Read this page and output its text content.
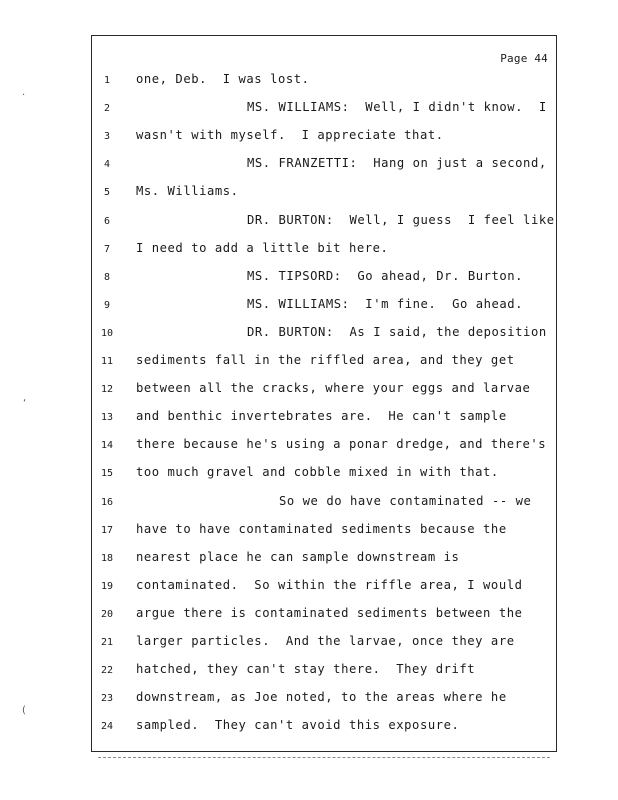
Page 44
1	one, Deb.  I was lost.
2	MS. WILLIAMS:  Well, I didn't know.  I
3	wasn't with myself.  I appreciate that.
4	MS. FRANZETTI:  Hang on just a second,
5	Ms. Williams.
6	DR. BURTON:  Well, I guess  I feel like
7	I need to add a little bit here.
8	MS. TIPSORD:  Go ahead, Dr. Burton.
9	MS. WILLIAMS:  I'm fine.  Go ahead.
10	DR. BURTON:  As I said, the deposition
11	sediments fall in the riffled area, and they get
12	between all the cracks, where your eggs and larvae
13	and benthic invertebrates are.  He can't sample
14	there because he's using a ponar dredge, and there's
15	too much gravel and cobble mixed in with that.
16	So we do have contaminated -- we
17	have to have contaminated sediments because the
18	nearest place he can sample downstream is
19	contaminated.  So within the riffle area, I would
20	argue there is contaminated sediments between the
21	larger particles.  And the larvae, once they are
22	hatched, they can't stay there.  They drift
23	downstream, as Joe noted, to the areas where he
24	sampled.  They can't avoid this exposure.
·
‘
(
